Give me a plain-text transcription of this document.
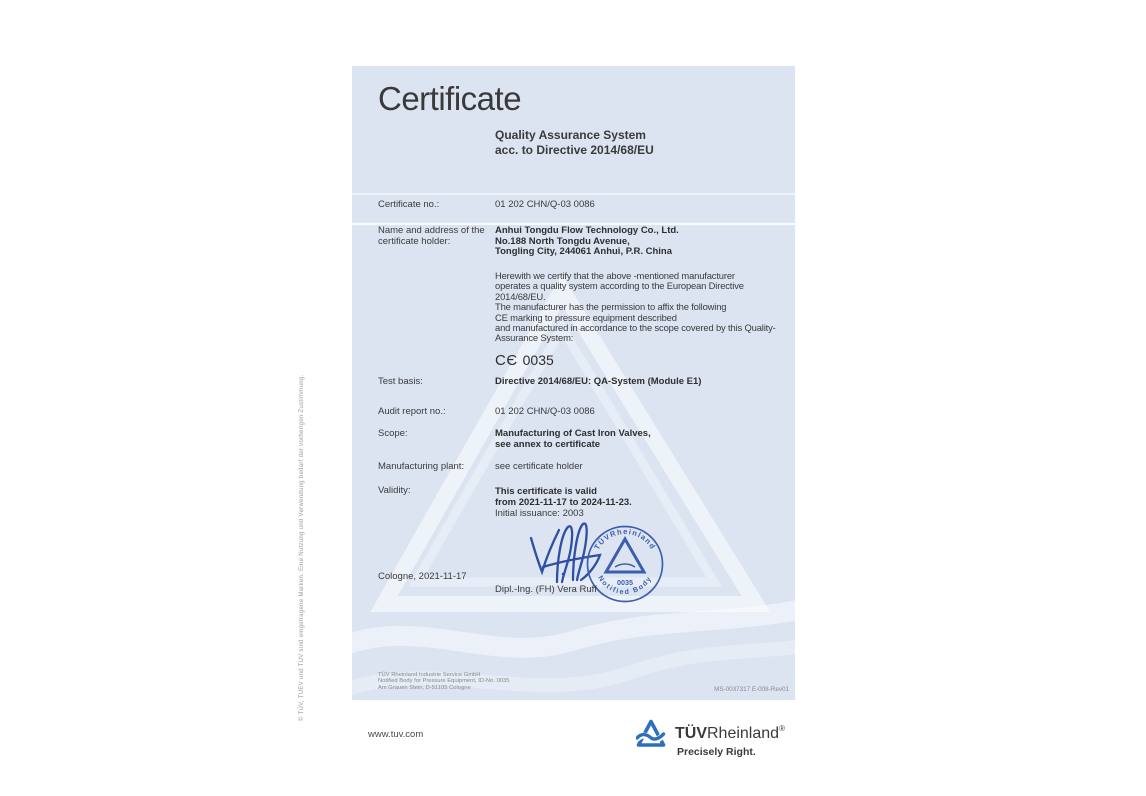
© TÜV, TUEV und TUV sind eingetragene Marken. Eine Nutzung und Verwendung bedarf der vorherigen Zustimmung.
Certificate
Quality Assurance System
acc. to Directive 2014/68/EU
Certificate no.:	01 202 CHN/Q-03 0086
Name and address of the
certificate holder:
Anhui Tongdu Flow Technology Co., Ltd.
No.188 North Tongdu Avenue,
Tongling City, 244061 Anhui, P.R. China
Herewith we certify that the above -mentioned manufacturer
operates a quality system according to the European Directive
2014/68/EU.
The manufacturer has the permission to affix the following
CE marking to pressure equipment described
and manufactured in accordance to the scope covered by this Quality-
Assurance System:
CЄ 0035
Test basis:	Directive 2014/68/EU: QA-System (Module E1)
Audit report no.:	01 202 CHN/Q-03 0086
Scope:	Manufacturing of Cast Iron Valves,
see annex to certificate
Manufacturing plant:	see certificate holder
Validity:	This certificate is valid
from 2021-11-17 to 2024-11-23.
Initial issuance: 2003
TÜVRheinland
Notified Body
0035
Cologne, 2021-11-17
Dipl.-Ing. (FH) Vera Ruff
TÜV Rheinland Industrie Service GmbH
Notified Body for Pressure Equipment, ID-No. 0035
Am Grauen Stein, D-51105 Cologne	MS-0037317 E-008-Rev01
www.tuv.com	TÜVRheinland®
Precisely Right.
